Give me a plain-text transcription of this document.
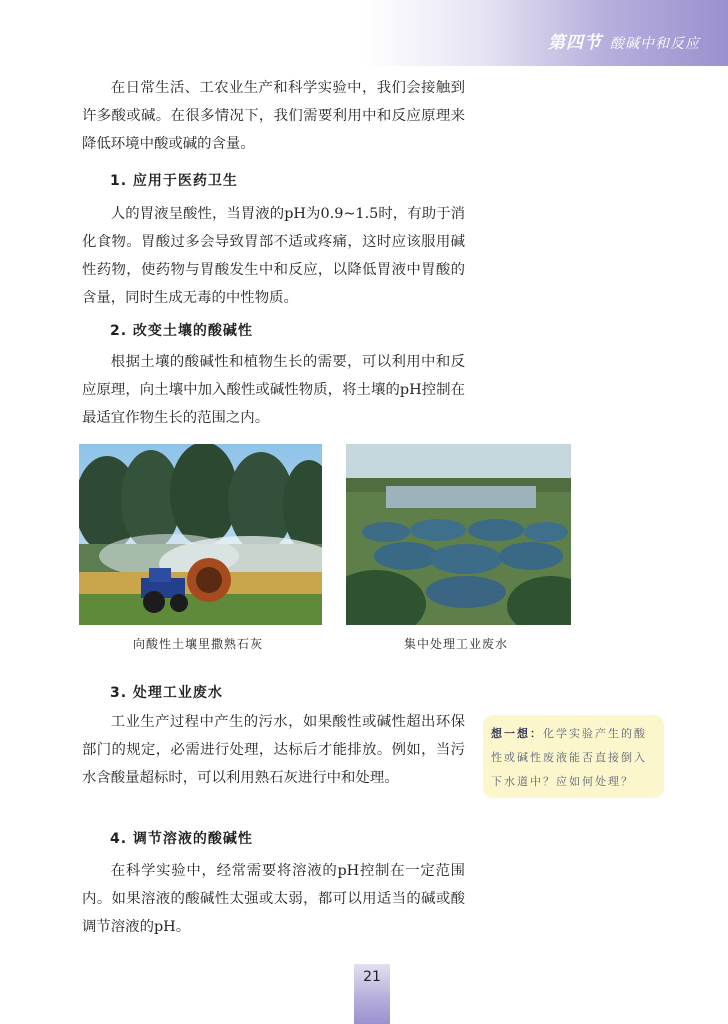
第四节 酸碱中和反应

在日常生活、工农业生产和科学实验中，我们会接触到许多酸或碱。在很多情况下，我们需要利用中和反应原理来降低环境中酸或碱的含量。

1. 应用于医药卫生

人的胃液呈酸性，当胃液的pH为0.9~1.5时，有助于消化食物。胃酸过多会导致胃部不适或疼痛，这时应该服用碱性药物，使药物与胃酸发生中和反应，以降低胃液中胃酸的含量，同时生成无毒的中性物质。

2. 改变土壤的酸碱性

根据土壤的酸碱性和植物生长的需要，可以利用中和反应原理，向土壤中加入酸性或碱性物质，将土壤的pH控制在最适宜作物生长的范围之内。

向酸性土壤里撒熟石灰	集中处理工业废水

3. 处理工业废水

工业生产过程中产生的污水，如果酸性或碱性超出环保部门的规定，必需进行处理，达标后才能排放。例如，当污水含酸量超标时，可以利用熟石灰进行中和处理。

想一想：化学实验产生的酸性或碱性废液能否直接倒入下水道中？应如何处理？

4. 调节溶液的酸碱性

在科学实验中，经常需要将溶液的pH控制在一定范围内。如果溶液的酸碱性太强或太弱，都可以用适当的碱或酸调节溶液的pH。

21
